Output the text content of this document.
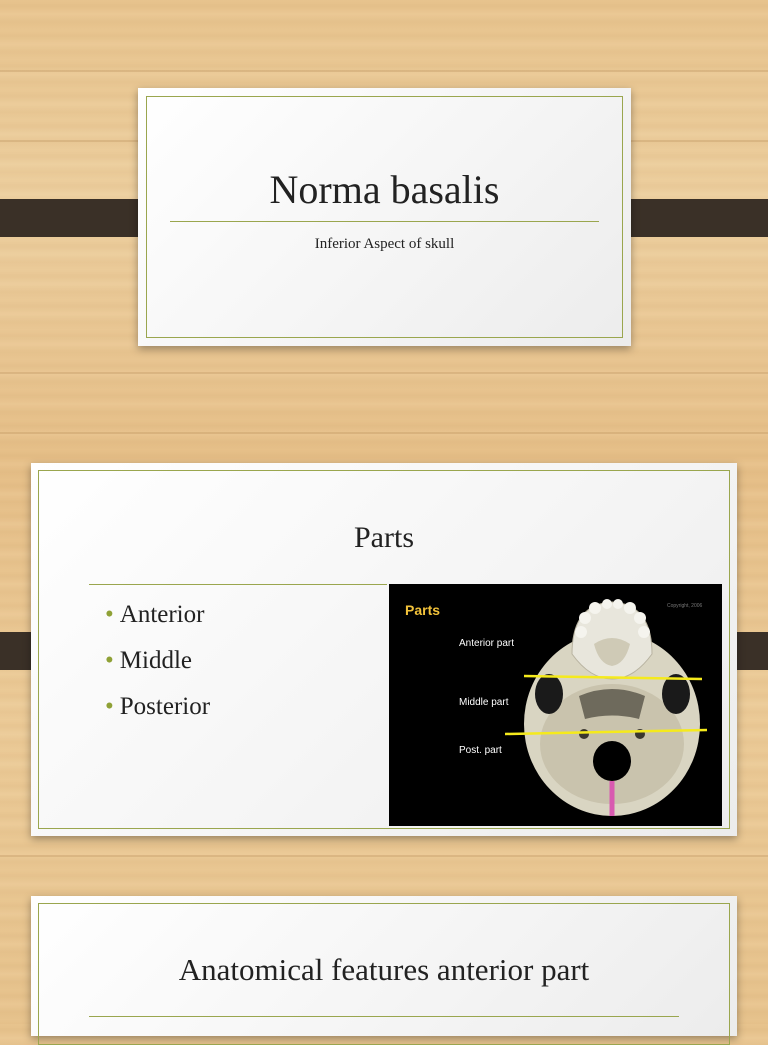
Norma basalis
Inferior Aspect of skull
Parts
• Anterior
• Middle
• Posterior
Parts
Anterior part
Middle part
Post. part
Copyright, 2006
Anatomical features anterior part
